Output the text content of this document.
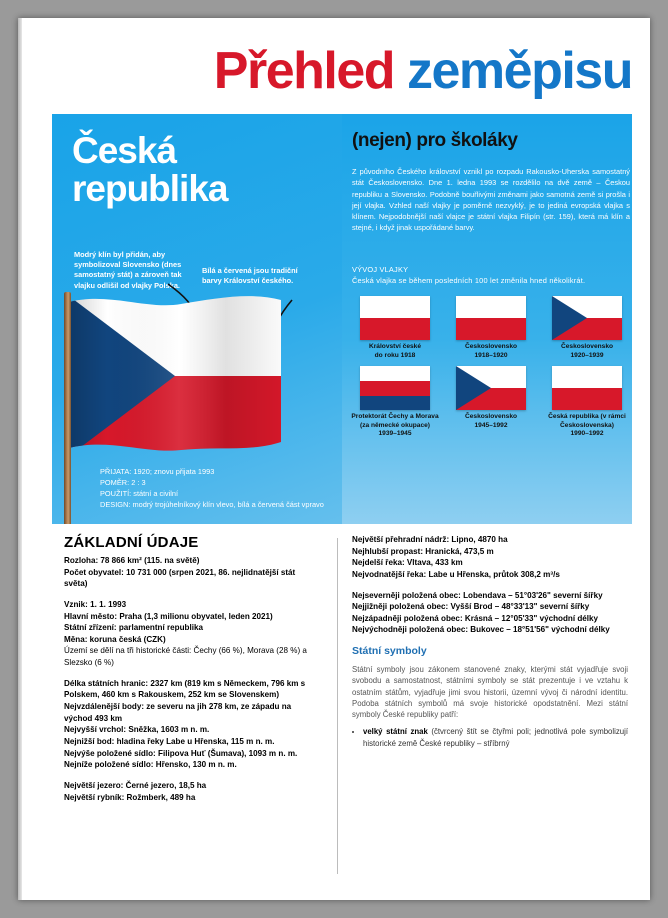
Přehled zeměpisu
Česká republika
Modrý klín byl přidán, aby symbolizoval Slovensko (dnes samostatný stát) a zároveň tak vlajku odlišil od vlajky Polska.
Bílá a červená jsou tradiční barvy Království českého.
PŘIJATA: 1920; znovu přijata 1993
POMĚR: 2 : 3
POUŽITÍ: státní a civilní
DESIGN: modrý trojúhelníkový klín vlevo, bílá a červená část vpravo
(nejen) pro školáky
Z původního Českého království vznikl po rozpadu Rakousko-Uherska samostatný stát Československo. Dne 1. ledna 1993 se rozdělilo na dvě země – Českou republiku a Slovensko. Podobně bouřlivými změnami jako samotná země si prošla i její vlajka. Vzhled naší vlajky je poměrně nezvyklý, je to jediná evropská vlajka s klínem. Nejpodobnější naší vlajce je státní vlajka Filipín (str. 159), která má klín a stejné, i když jinak uspořádané barvy.
VÝVOJ VLAJKY
Česká vlajka se během posledních 100 let změnila hned několikrát.
Království české
do roku 1918
Československo
1918–1920
Československo
1920–1939
Protektorát Čechy a Morava (za německé okupace)
1939–1945
Československo
1945–1992
Česká republika (v rámci Československa)
1990–1992
ZÁKLADNÍ ÚDAJE
Rozloha: 78 866 km² (115. na světě)
Počet obyvatel: 10 731 000 (srpen 2021, 86. nejlidnatější stát světa)
Vznik: 1. 1. 1993
Hlavní město: Praha (1,3 milionu obyvatel, leden 2021)
Státní zřízení: parlamentní republika
Měna: koruna česká (CZK)
Území se dělí na tři historické části: Čechy (66 %), Morava (28 %) a Slezsko (6 %)
Délka státních hranic: 2327 km (819 km s Německem, 796 km s Polskem, 460 km s Rakouskem, 252 km se Slovenskem)
Nejvzdálenější body: ze severu na jih 278 km, ze západu na východ 493 km
Nejvyšší vrchol: Sněžka, 1603 m n. m.
Nejnižší bod: hladina řeky Labe u Hřenska, 115 m n. m.
Nejvýše položené sídlo: Filipova Huť (Šumava), 1093 m n. m.
Nejníže položené sídlo: Hřensko, 130 m n. m.
Největší jezero: Černé jezero, 18,5 ha
Největší rybník: Rožmberk, 489 ha
Největší přehradní nádrž: Lipno, 4870 ha
Nejhlubší propast: Hranická, 473,5 m
Nejdelší řeka: Vltava, 433 km
Nejvodnatější řeka: Labe u Hřenska, průtok 308,2 m³/s
Nejseverněji položená obec: Lobendava – 51°03'26" severní šířky
Nejjižněji položená obec: Vyšší Brod – 48°33'13" severní šířky
Nejzápadněji položená obec: Krásná – 12°05'33" východní délky
Nejvýchodněji položená obec: Bukovec – 18°51'56" východní délky
Státní symboly
Státní symboly jsou zákonem stanovené znaky, kterými stát vyjadřuje svoji svobodu a samostatnost, státními symboly se stát prezentuje i ve vztahu k ostatním státům, vyjadřuje jimi svou historii, územní vývoj či národní identitu. Podoba státních symbolů má svoje historické opodstatnění. Mezi státní symboly České republiky patří:
• velký státní znak (čtvrcený štít se čtyřmi poli; jednotlivá pole symbolizují historické země České republiky – stříbrný
